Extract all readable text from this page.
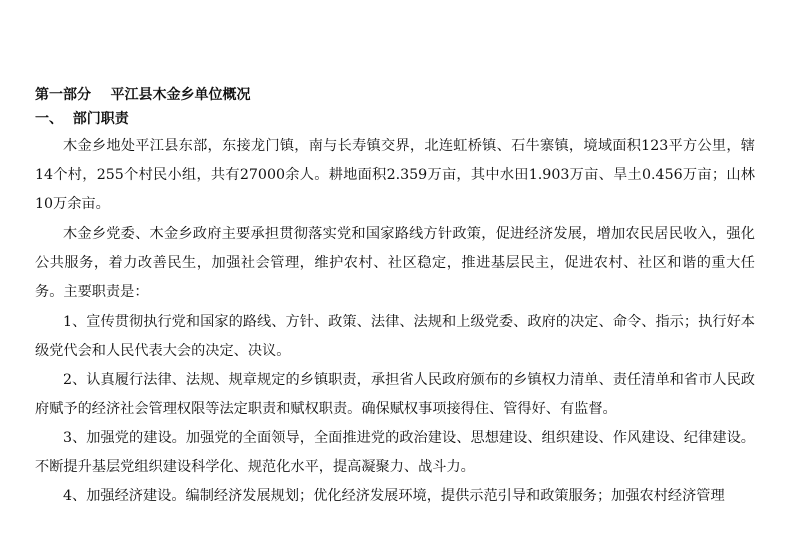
第一部分    平江县木金乡单位概况
一、  部门职责

木金乡地处平江县东部，东接龙门镇，南与长寿镇交界，北连虹桥镇、石牛寨镇，境域面积123平方公里，辖14个村，255个村民小组，共有27000余人。耕地面积2.359万亩，其中水田1.903万亩、旱土0.456万亩；山林10万余亩。

木金乡党委、木金乡政府主要承担贯彻落实党和国家路线方针政策，促进经济发展，增加农民居民收入，强化公共服务，着力改善民生，加强社会管理，维护农村、社区稳定，推进基层民主，促进农村、社区和谐的重大任务。主要职责是：

1、宣传贯彻执行党和国家的路线、方针、政策、法律、法规和上级党委、政府的决定、命令、指示；执行好本级党代会和人民代表大会的决定、决议。

2、认真履行法律、法规、规章规定的乡镇职责，承担省人民政府颁布的乡镇权力清单、责任清单和省市人民政府赋予的经济社会管理权限等法定职责和赋权职责。确保赋权事项接得住、管得好、有监督。

3、加强党的建设。加强党的全面领导，全面推进党的政治建设、思想建设、组织建设、作风建设、纪律建设。不断提升基层党组织建设科学化、规范化水平，提高凝聚力、战斗力。

4、加强经济建设。编制经济发展规划；优化经济发展环境，提供示范引导和政策服务；加强农村经济管理
